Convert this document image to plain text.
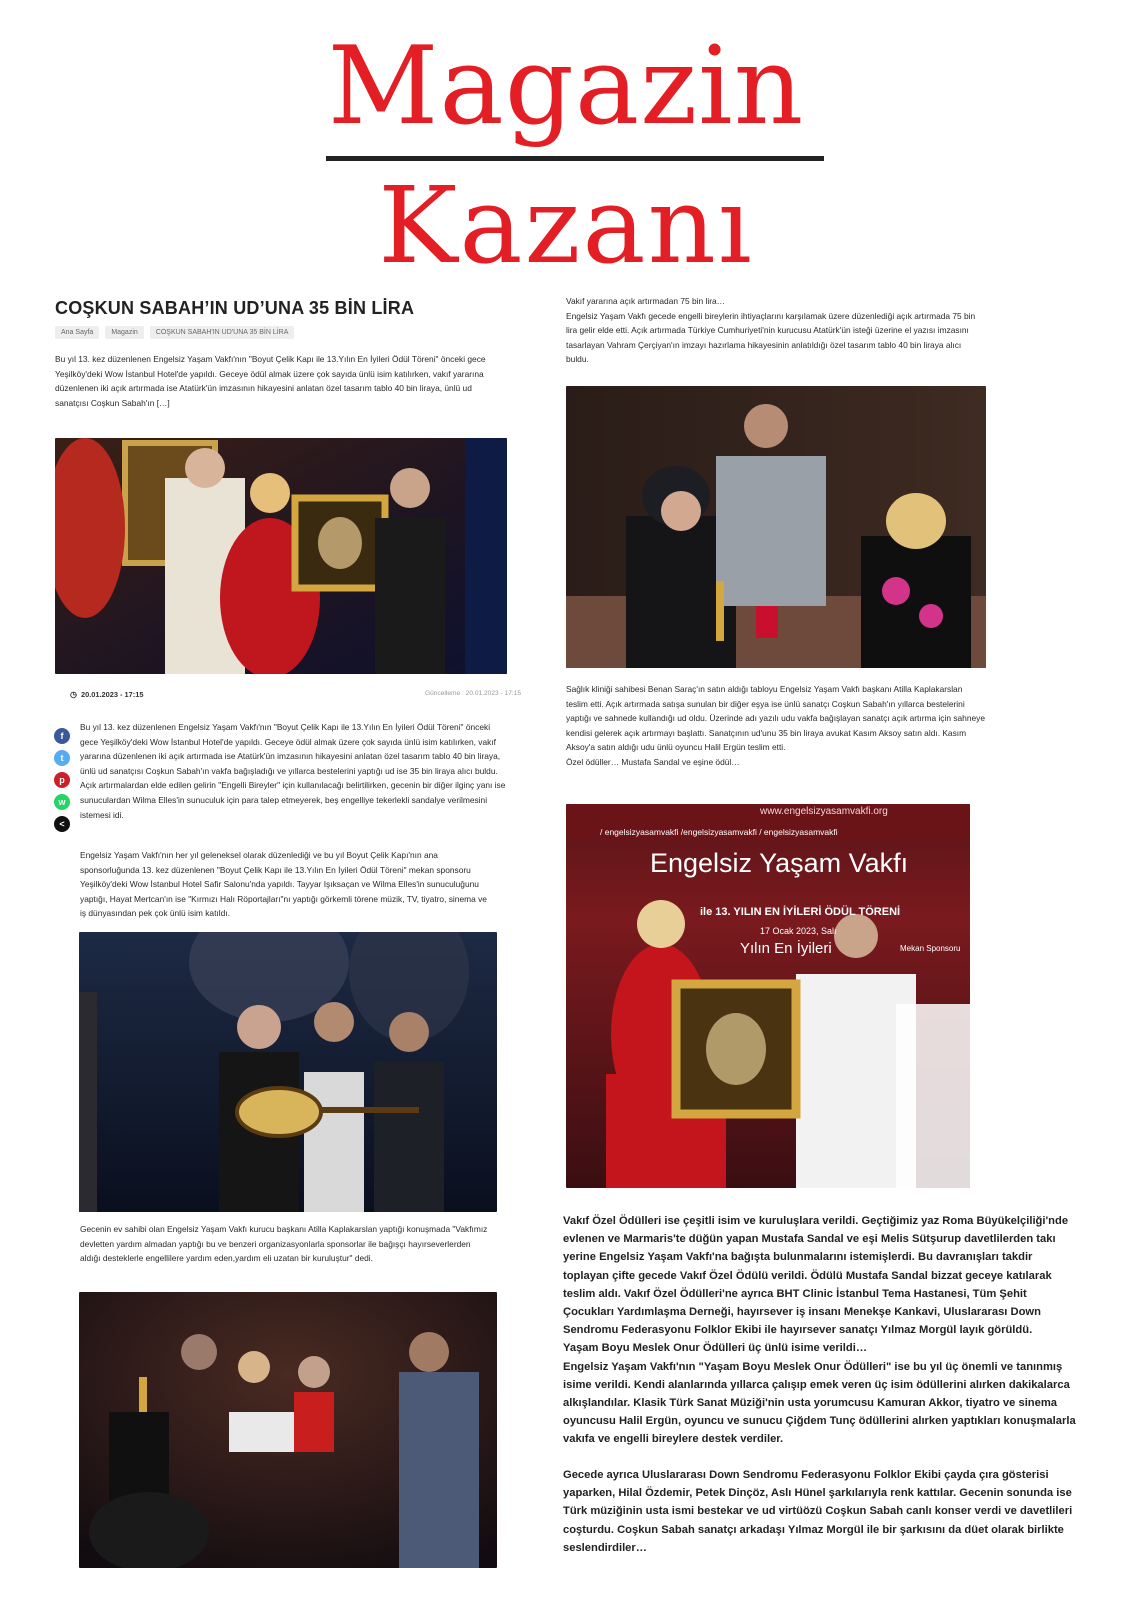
Magazin
Kazanı
COŞKUN SABAH’IN UD’UNA 35 BİN LİRA
Ana Sayfa	Magazin	COŞKUN SABAH'IN UD'UNA 35 BİN LİRA
Bu yıl 13. kez düzenlenen Engelsiz Yaşam Vakfı'nın "Boyut Çelik Kapı ile 13.Yılın En İyileri Ödül Töreni" önceki gece Yeşilköy'deki Wow İstanbul Hotel'de yapıldı. Geceye ödül almak üzere çok sayıda ünlü isim katılırken, vakıf yararına düzenlenen iki açık artırmada ise Atatürk'ün imzasının hikayesini anlatan özel tasarım tablo 40 bin liraya, ünlü ud sanatçısı Coşkun Sabah'ın […]
◷ 20.01.2023 - 17:15	Güncelleme : 20.01.2023 - 17:15
f
t
p
w
<
Bu yıl 13. kez düzenlenen Engelsiz Yaşam Vakfı'nın "Boyut Çelik Kapı ile 13.Yılın En İyileri Ödül Töreni" önceki gece Yeşilköy'deki Wow İstanbul Hotel'de yapıldı. Geceye ödül almak üzere çok sayıda ünlü isim katılırken, vakıf yararına düzenlenen iki açık artırmada ise Atatürk'ün imzasının hikayesini anlatan özel tasarım tablo 40 bin liraya, ünlü ud sanatçısı Coşkun Sabah'ın vakfa bağışladığı ve yıllarca bestelerini yaptığı ud ise 35 bin liraya alıcı buldu. Açık artırmalardan elde edilen gelirin "Engelli Bireyler" için kullanılacağı belirtilirken, gecenin bir diğer ilginç yanı ise sunuculardan Wilma Elles'in sunuculuk için para talep etmeyerek, beş engelliye tekerlekli sandalye verilmesini istemesi idi.
Engelsiz Yaşam Vakfı'nın her yıl geleneksel olarak düzenlediği ve bu yıl Boyut Çelik Kapı'nın ana sponsorluğunda 13. kez düzenlenen "Boyut Çelik Kapı ile 13.Yılın En İyileri Ödül Töreni" mekan sponsoru Yeşilköy'deki Wow İstanbul Hotel Safir Salonu'nda yapıldı. Tayyar Işıksaçan ve Wilma Elles'in sunuculuğunu yaptığı, Hayat Mertcan'ın ise "Kırmızı Halı Röportajları"nı yaptığı görkemli törene müzik, TV, tiyatro, sinema ve iş dünyasından pek çok ünlü isim katıldı.
Gecenin ev sahibi olan Engelsiz Yaşam Vakfı kurucu başkanı Atilla Kaplakarslan yaptığı konuşmada "Vakfımız devletten yardım almadan yaptığı bu ve benzeri organizasyonlarla sponsorlar ile bağışçı hayırseverlerden aldığı desteklerle engellilere yardım eden,yardım eli uzatan bir kuruluştur" dedi.
Vakıf yararına açık artırmadan 75 bin lira…
Engelsiz Yaşam Vakfı gecede engelli bireylerin ihtiyaçlarını karşılamak üzere düzenlediği açık artırmada 75 bin lira gelir elde etti. Açık artırmada Türkiye Cumhuriyeti'nin kurucusu Atatürk'ün isteği üzerine el yazısı imzasını tasarlayan Vahram Çerçiyan'ın imzayı hazırlama hikayesinin anlatıldığı özel tasarım tablo 40 bin liraya alıcı buldu.
Sağlık kliniği sahibesi Benan Saraç'ın satın aldığı tabloyu Engelsiz Yaşam Vakfı başkanı Atilla Kaplakarslan teslim etti. Açık artırmada satışa sunulan bir diğer eşya ise ünlü sanatçı Coşkun Sabah'ın yıllarca bestelerini yaptığı ve sahnede kullandığı ud oldu. Üzerinde adı yazılı udu vakfa bağışlayan sanatçı açık artırma için sahneye kendisi gelerek açık artırmayı başlattı. Sanatçının ud'unu 35 bin liraya avukat Kasım Aksoy satın aldı. Kasım Aksoy'a satın aldığı udu ünlü oyuncu Halil Ergün teslim etti.
Özel ödüller… Mustafa Sandal ve eşine ödül…
www.engelsizyasamvakfi.org
/ engelsizyasamvakfi /engelsizyasamvakfi / engelsizyasamvakfi
Engelsiz Yaşam Vakfı
ile 13. YILIN EN İYİLERİ ÖDÜL TÖRENİ
17 Ocak 2023, Salı
Yılın En İyileri	Mekan Sponsoru
Vakıf Özel Ödülleri ise çeşitli isim ve kuruluşlara verildi. Geçtiğimiz yaz Roma Büyükelçiliği'nde evlenen ve Marmaris'te düğün yapan Mustafa Sandal ve eşi Melis Sütşurup davetlilerden takı yerine Engelsiz Yaşam Vakfı'na bağışta bulunmalarını istemişlerdi. Bu davranışları takdir toplayan çifte gecede Vakıf Özel Ödülü verildi. Ödülü Mustafa Sandal bizzat geceye katılarak teslim aldı. Vakıf Özel Ödülleri'ne ayrıca BHT Clinic İstanbul Tema Hastanesi, Tüm Şehit Çocukları Yardımlaşma Derneği, hayırsever iş insanı Menekşe Kankavi, Uluslararası Down Sendromu Federasyonu Folklor Ekibi ile hayırsever sanatçı Yılmaz Morgül layık görüldü.
Yaşam Boyu Meslek Onur Ödülleri üç ünlü isime verildi…
Engelsiz Yaşam Vakfı'nın "Yaşam Boyu Meslek Onur Ödülleri" ise bu yıl üç önemli ve tanınmış isime verildi. Kendi alanlarında yıllarca çalışıp emek veren üç isim ödüllerini alırken dakikalarca alkışlandılar. Klasik Türk Sanat Müziği'nin usta yorumcusu Kamuran Akkor, tiyatro ve sinema oyuncusu Halil Ergün, oyuncu ve sunucu Çiğdem Tunç ödüllerini alırken yaptıkları konuşmalarla vakıfa ve engelli bireylere destek verdiler.
Gecede ayrıca Uluslararası Down Sendromu Federasyonu Folklor Ekibi çayda çıra gösterisi yaparken, Hilal Özdemir, Petek Dinçöz, Aslı Hünel şarkılarıyla renk kattılar. Gecenin sonunda ise Türk müziğinin usta ismi bestekar ve ud virtüözü Coşkun Sabah canlı konser verdi ve davetlileri coşturdu. Coşkun Sabah sanatçı arkadaşı Yılmaz Morgül ile bir şarkısını da düet olarak birlikte seslendirdiler…
